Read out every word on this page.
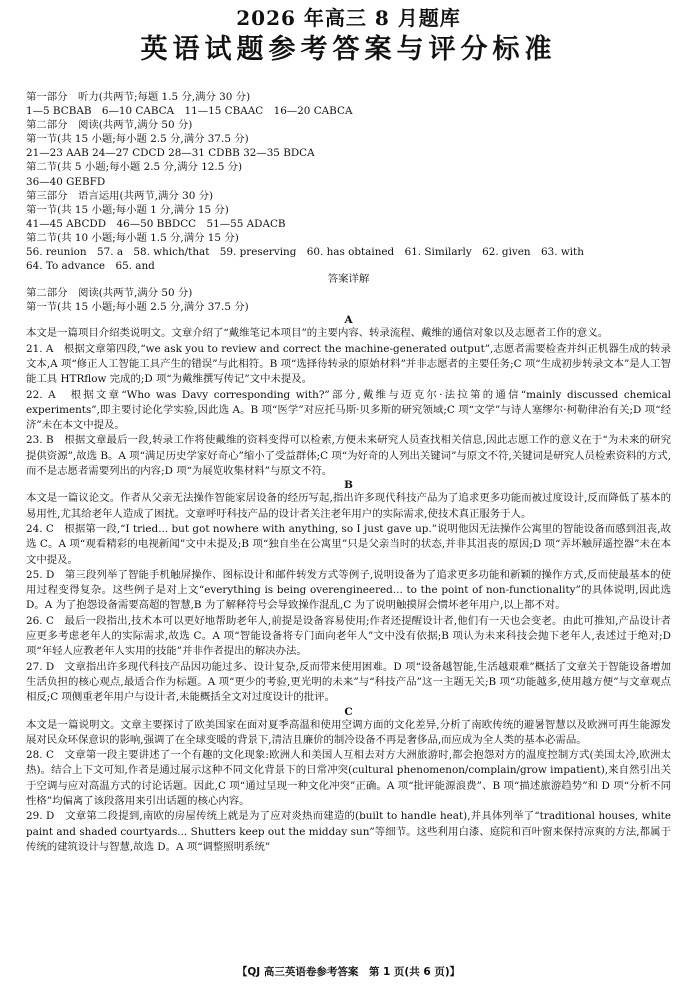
2026 年高三 8 月题库
英语试题参考答案与评分标准
第一部分　听力(共两节;每题 1.5 分,满分 30 分)
1—5 BCBAB　6—10 CABCA　11—15 CBAAC　16—20 CABCA
第二部分　阅读(共两节,满分 50 分)
第一节(共 15 小题;每小题 2.5 分,满分 37.5 分)
21—23 AAB 24—27 CDCD 28—31 CDBB 32—35 BDCA
第二节(共 5 小题;每小题 2.5 分,满分 12.5 分)
36—40 GEBFD
第三部分　语言运用(共两节,满分 30 分)
第一节(共 15 小题;每小题 1 分,满分 15 分)
41—45 ABCDD　46—50 BBDCC　51—55 ADACB
第二节(共 10 小题;每小题 1.5 分,满分 15 分)
56. reunion　57. a　58. which/that　59. preserving　60. has obtained　61. Similarly　62. given　63. with
64. To advance　65. and
答案详解
第二部分　阅读(共两节,满分 50 分)
第一节(共 15 小题;每小题 2.5 分,满分 37.5 分)
A

本文是一篇项目介绍类说明文。文章介绍了“戴维笔记本项目”的主要内容、转录流程、戴维的通信对象以及志愿者工作的意义。

21. A　根据文章第四段,“we ask you to review and correct the machine-generated output”,志愿者需要检查并纠正机器生成的转录文本,A 项“修正人工智能工具产生的错误”与此相符。B 项“选择待转录的原始材料”并非志愿者的主要任务;C 项“生成初步转录文本”是人工智能工具 HTRflow 完成的;D 项“为戴维撰写传记”文中未提及。

22. A　根据文章“Who was Davy corresponding with?”部分,戴维与迈克尔·法拉第的通信“mainly discussed chemical experiments”,即主要讨论化学实验,因此选 A。B 项“医学”对应托马斯·贝多斯的研究领域;C 项“文学”与诗人塞缪尔·柯勒律治有关;D 项“经济”未在本文中提及。

23. B　根据文章最后一段,转录工作将使戴维的资料变得可以检索,方便未来研究人员查找相关信息,因此志愿工作的意义在于“为未来的研究提供资源”,故选 B。A 项“满足历史学家好奇心”缩小了受益群体;C 项“为好奇的人列出关键词”与原文不符,关键词是研究人员检索资料的方式,而不是志愿者需要列出的内容;D 项“为展览收集材料”与原文不符。

B

本文是一篇议论文。作者从父亲无法操作智能家居设备的经历写起,指出许多现代科技产品为了追求更多功能而被过度设计,反而降低了基本的易用性,尤其给老年人造成了困扰。文章呼吁科技产品的设计者关注老年用户的实际需求,使技术真正服务于人。

24. C　根据第一段,“I tried... but got nowhere with anything, so I just gave up.”说明他因无法操作公寓里的智能设备而感到沮丧,故选 C。A 项“观看精彩的电视新闻”文中未提及;B 项“独自坐在公寓里”只是父亲当时的状态,并非其沮丧的原因;D 项“弄坏触屏遥控器”未在本文中提及。

25. D　第三段列举了智能手机触屏操作、图标设计和邮件转发方式等例子,说明设备为了追求更多功能和新颖的操作方式,反而使最基本的使用过程变得复杂。这些例子是对上文“everything is being overengineered... to the point of non-functionality”的具体说明,因此选 D。A 为了抱怨设备需要高超的智慧,B 为了解释符号会导致操作混乱,C 为了说明触摸屏会惯坏老年用户,以上都不对。

26. C　最后一段指出,技术本可以更好地帮助老年人,前提是设备容易使用;作者还提醒设计者,他们有一天也会变老。由此可推知,产品设计者应更多考虑老年人的实际需求,故选 C。A 项“智能设备将专门面向老年人”文中没有依据;B 项认为未来科技会抛下老年人,表述过于绝对;D 项“年轻人应教老年人实用的技能”并非作者提出的解决办法。

27. D　文章指出许多现代科技产品因功能过多、设计复杂,反而带来使用困难。D 项“设备越智能,生活越艰难”概括了文章关于智能设备增加生活负担的核心观点,最适合作为标题。A 项“更少的考验,更光明的未来”与“科技产品”这一主题无关;B 项“功能越多,使用越方便”与文章观点相反;C 项侧重老年用户与设计者,未能概括全文对过度设计的批评。

C

本文是一篇说明文。文章主要探讨了欧美国家在面对夏季高温和使用空调方面的文化差异,分析了南欧传统的避暑智慧以及欧洲可再生能源发展对民众环保意识的影响,强调了在全球变暖的背景下,清洁且廉价的制冷设备不再是奢侈品,而应成为全人类的基本必需品。

28. C　文章第一段主要讲述了一个有趣的文化现象:欧洲人和美国人互相去对方大洲旅游时,都会抱怨对方的温度控制方式(美国太冷,欧洲太热)。结合上下文可知,作者是通过展示这种不同文化背景下的日常冲突(cultural phenomenon/complain/grow impatient),来自然引出关于空调与应对高温方式的讨论话题。因此,C 项“通过呈现一种文化冲突”正确。A 项“批评能源浪费”、B 项“描述旅游趋势”和 D 项“分析不同性格”均偏离了该段落用来引出话题的核心内容。

29. D　文章第二段提到,南欧的房屋传统上就是为了应对炎热而建造的(built to handle heat),并具体列举了“traditional houses, white paint and shaded courtyards... Shutters keep out the midday sun”等细节。这些利用白漆、庭院和百叶窗来保持凉爽的方法,都属于传统的建筑设计与智慧,故选 D。A 项“调整照明系统”

【QJ 高三英语卷参考答案　第 1 页(共 6 页)】
